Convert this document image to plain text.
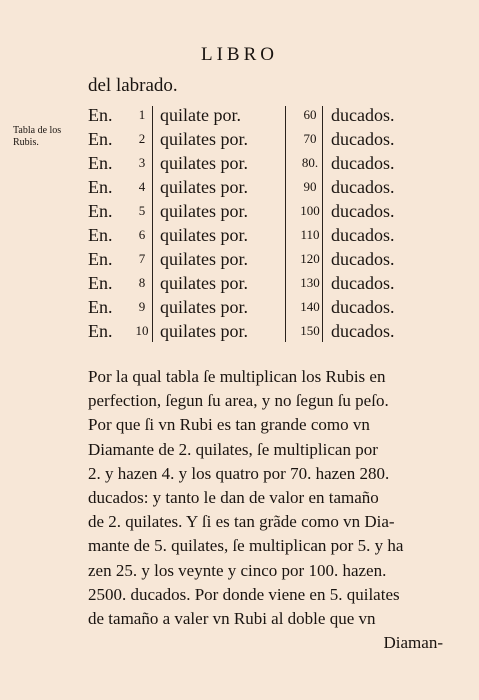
LIBRO
del labrado.
Tabla de los
Rubis.
En.	1 quilate por.	60 ducados.
En.	2 quilates por.	70 ducados.
En.	3 quilates por.	80. ducados.
En.	4 quilates por.	90 ducados.
En.	5 quilates por.	100 ducados.
En.	6 quilates por.	110 ducados.
En.	7 quilates por.	120 ducados.
En.	8 quilates por.	130 ducados.
En.	9 quilates por.	140 ducados.
En. 10 quilates por.	150 ducados.
Por la qual tabla ſe multiplican los Rubis en
perfection, ſegun ſu area, y no ſegun ſu peſo.
Por que ſi vn Rubi es tan grande como vn
Diamante de 2. quilates, ſe multiplican por
2. y hazen 4. y los quatro por 70. hazen 280.
ducados: y tanto le dan de valor en tamaño
de 2. quilates. Y ſi es tan grãde como vn Dia-
mante de 5. quilates, ſe multiplican por 5. y ha
zen 25. y los veynte y cinco por 100. hazen.
2500. ducados. Por donde viene en 5. quilates
de tamaño a valer vn Rubi al doble que vn
Diaman-
